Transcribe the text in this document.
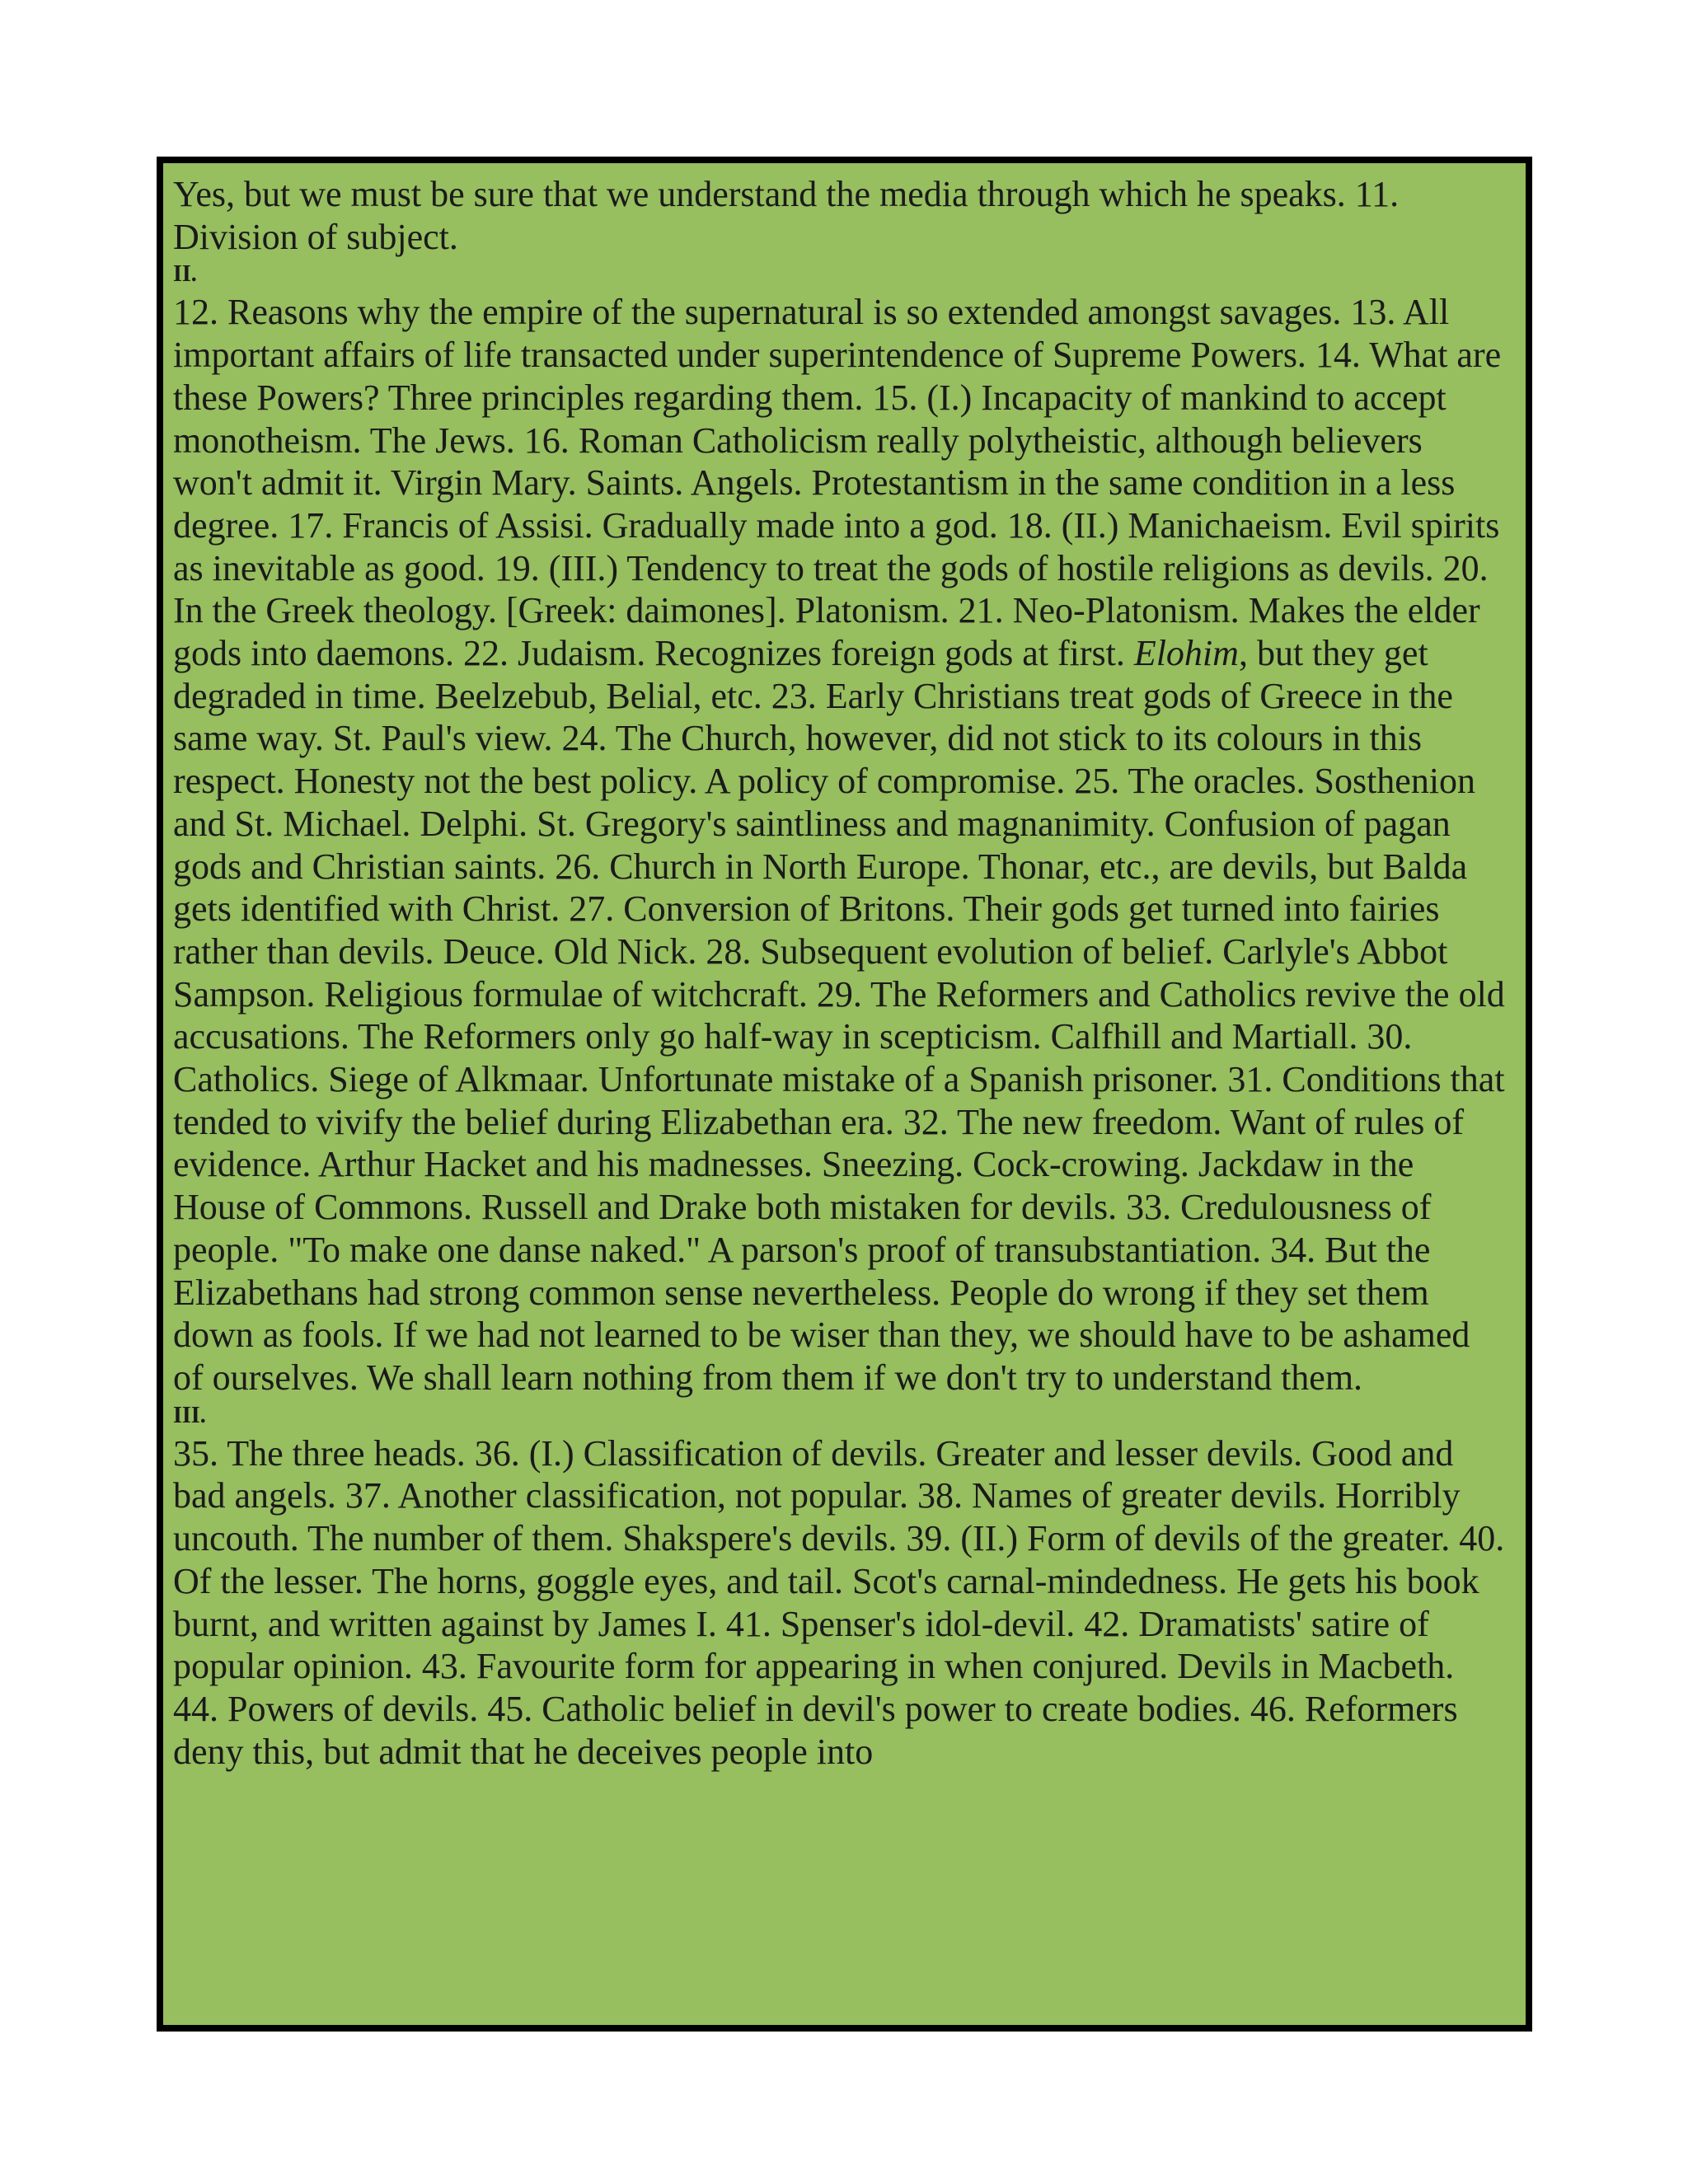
Yes, but we must be sure that we understand the media through which he speaks. 11. Division of subject.

II.

12. Reasons why the empire of the supernatural is so extended amongst savages. 13. All important affairs of life transacted under superintendence of Supreme Powers. 14. What are these Powers? Three principles regarding them. 15. (I.) Incapacity of mankind to accept monotheism. The Jews. 16. Roman Catholicism really polytheistic, although believers won't admit it. Virgin Mary. Saints. Angels. Protestantism in the same condition in a less degree. 17. Francis of Assisi. Gradually made into a god. 18. (II.) Manichaeism. Evil spirits as inevitable as good. 19. (III.) Tendency to treat the gods of hostile religions as devils. 20. In the Greek theology. [Greek: daimones]. Platonism. 21. Neo-Platonism. Makes the elder gods into daemons. 22. Judaism. Recognizes foreign gods at first. Elohim, but they get degraded in time. Beelzebub, Belial, etc. 23. Early Christians treat gods of Greece in the same way. St. Paul's view. 24. The Church, however, did not stick to its colours in this respect. Honesty not the best policy. A policy of compromise. 25. The oracles. Sosthenion and St. Michael. Delphi. St. Gregory's saintliness and magnanimity. Confusion of pagan gods and Christian saints. 26. Church in North Europe. Thonar, etc., are devils, but Balda gets identified with Christ. 27. Conversion of Britons. Their gods get turned into fairies rather than devils. Deuce. Old Nick. 28. Subsequent evolution of belief. Carlyle's Abbot Sampson. Religious formulae of witchcraft. 29. The Reformers and Catholics revive the old accusations. The Reformers only go half-way in scepticism. Calfhill and Martiall. 30. Catholics. Siege of Alkmaar. Unfortunate mistake of a Spanish prisoner. 31. Conditions that tended to vivify the belief during Elizabethan era. 32. The new freedom. Want of rules of evidence. Arthur Hacket and his madnesses. Sneezing. Cock-crowing. Jackdaw in the House of Commons. Russell and Drake both mistaken for devils. 33. Credulousness of people. "To make one danse naked." A parson's proof of transubstantiation. 34. But the Elizabethans had strong common sense nevertheless. People do wrong if they set them down as fools. If we had not learned to be wiser than they, we should have to be ashamed of ourselves. We shall learn nothing from them if we don't try to understand them.

III.

35. The three heads. 36. (I.) Classification of devils. Greater and lesser devils. Good and bad angels. 37. Another classification, not popular. 38. Names of greater devils. Horribly uncouth. The number of them. Shakspere's devils. 39. (II.) Form of devils of the greater. 40. Of the lesser. The horns, goggle eyes, and tail. Scot's carnal-mindedness. He gets his book burnt, and written against by James I. 41. Spenser's idol-devil. 42. Dramatists' satire of popular opinion. 43. Favourite form for appearing in when conjured. Devils in Macbeth. 44. Powers of devils. 45. Catholic belief in devil's power to create bodies. 46. Reformers deny this, but admit that he deceives people into
